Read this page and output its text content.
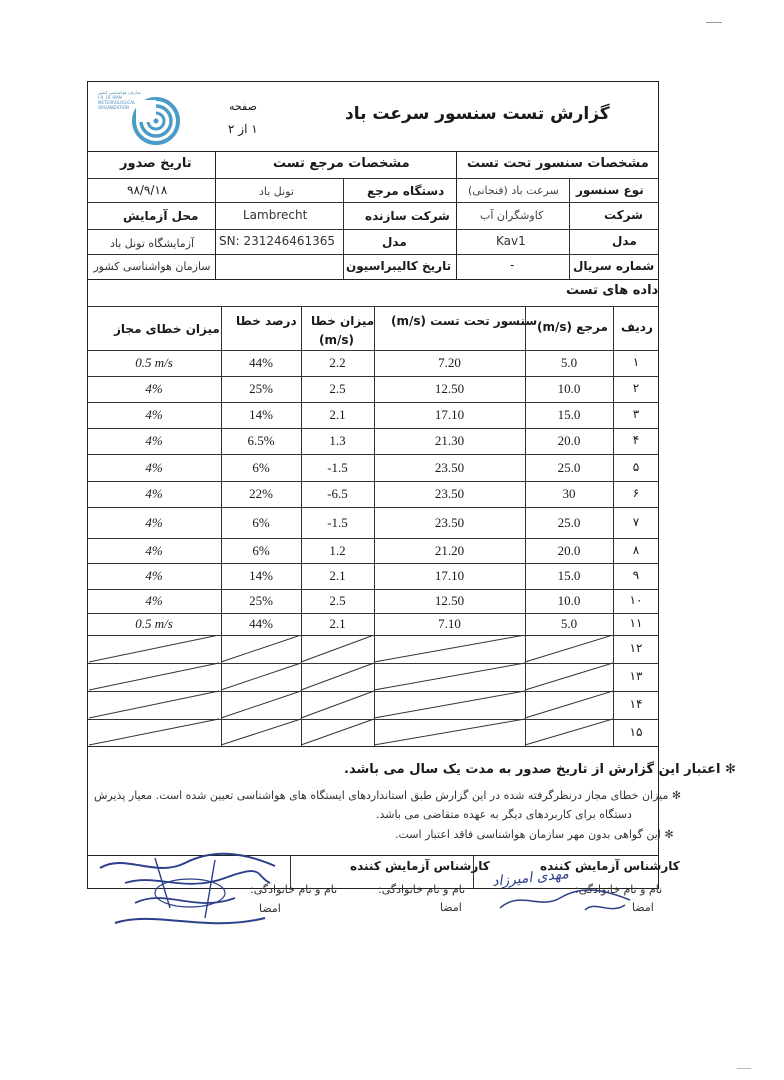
گزارش تست سنسور سرعت باد
صفحه
۱ از ۲
سازمان هواشناسی کشور
I.R. OF IRAN
METEOROLOGICAL
ORGANIZATION
مشخصات سنسور تحت تست
مشخصات مرجع تست
تاریخ صدور
نوع سنسور
سرعت باد (فنجانی)
شرکت
کاوشگران آب
مدل
Kav1
شماره سریال
-
دستگاه مرجع
تونل باد
شرکت سازنده
Lambrecht
مدل
SN: 231246461365
تاریخ کالیبراسیون
۹۸/۹/۱۸
محل آزمایش
آزمایشگاه تونل باد سازمان هواشناسی کشور
داده های تست
ردیف
مرجع (m/s)
سنسور تحت تست (m/s)
میزان خطا
(m/s)
درصد خطا
میزان خطای مجاز
۱
5.0
7.20
2.2
44%
0.5 m/s
۲
10.0
12.50
2.5
25%
4%
۳
15.0
17.10
2.1
14%
4%
۴
20.0
21.30
1.3
6.5%
4%
۵
25.0
23.50
-1.5
6%
4%
۶
30
23.50
-6.5
22%
4%
۷
25.0
23.50
-1.5
6%
4%
۸
20.0
21.20
1.2
6%
4%
۹
15.0
17.10
2.1
14%
4%
۱۰
10.0
12.50
2.5
25%
4%
۱۱
5.0
7.10
2.1
44%
0.5 m/s
۱۲
۱۳
۱۴
۱۵
✻ اعتبار این گزارش از تاریخ صدور به مدت یک سال می باشد.
✻ میزان خطای مجاز درنظرگرفته شده در این گزارش طبق استانداردهای ایستگاه های هواشناسی تعیین شده است. معیار پذیرش
دستگاه برای کاربردهای دیگر به عهده متقاضی می باشد.
✻ این گواهی بدون مهر سازمان هواشناسی فاقد اعتبار است.
کارشناس آزمایش کننده
نام و نام خانوادگی:
امضا
کارشناس آزمایش کننده
نام و نام خانوادگی:
امضا
نام و نام خانوادگی:
امضا
مهدی امیرزاد
